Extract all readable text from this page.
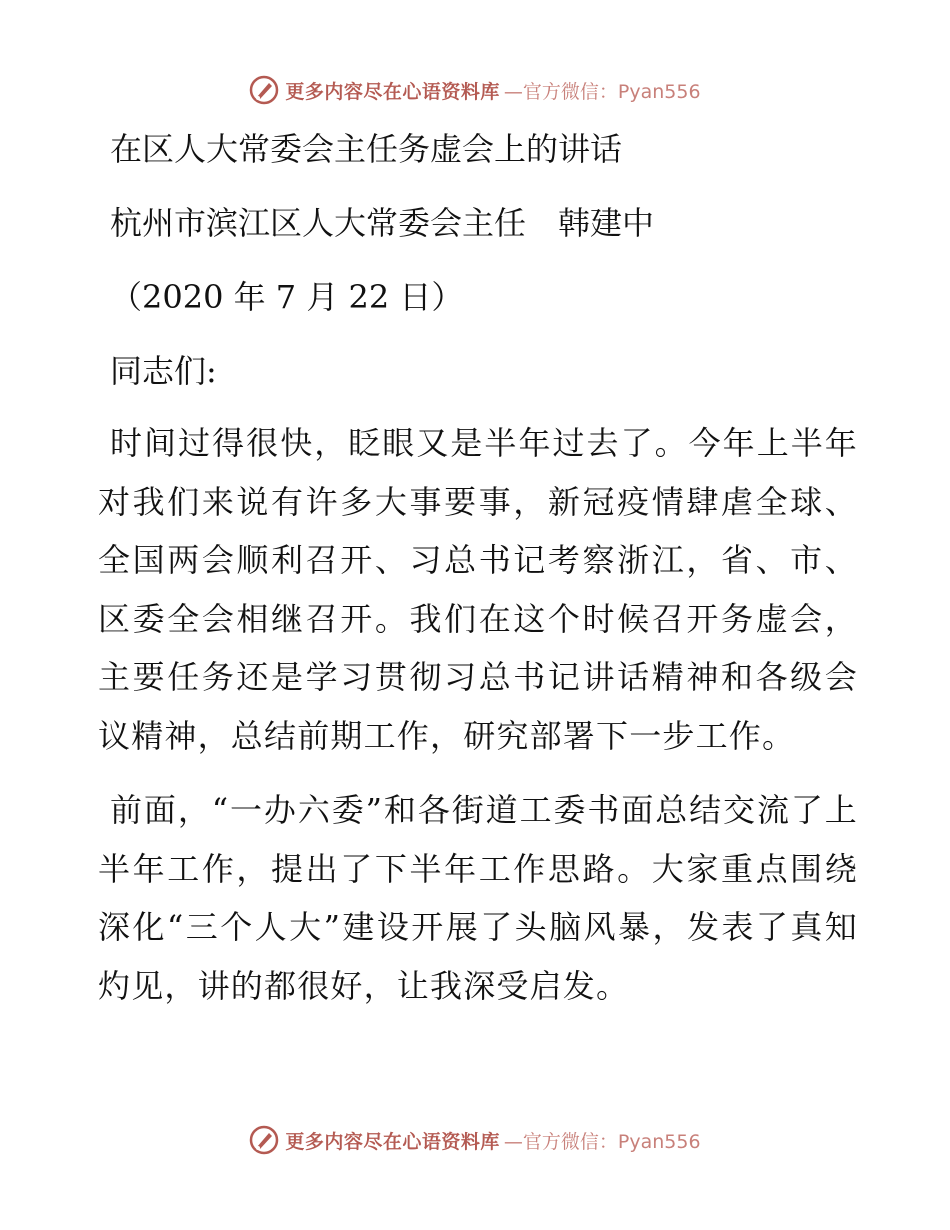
更多内容尽在心语资料库 —官方微信：Pyan556

在区人大常委会主任务虚会上的讲话

杭州市滨江区人大常委会主任　韩建中

（2020 年 7 月 22 日）

同志们:

时间过得很快，眨眼又是半年过去了。今年上半年对我们来说有许多大事要事，新冠疫情肆虐全球、全国两会顺利召开、习总书记考察浙江，省、市、区委全会相继召开。我们在这个时候召开务虚会，主要任务还是学习贯彻习总书记讲话精神和各级会议精神，总结前期工作，研究部署下一步工作。

前面，“一办六委”和各街道工委书面总结交流了上半年工作，提出了下半年工作思路。大家重点围绕深化“三个人大”建设开展了头脑风暴，发表了真知灼见，讲的都很好，让我深受启发。

更多内容尽在心语资料库 —官方微信：Pyan556
